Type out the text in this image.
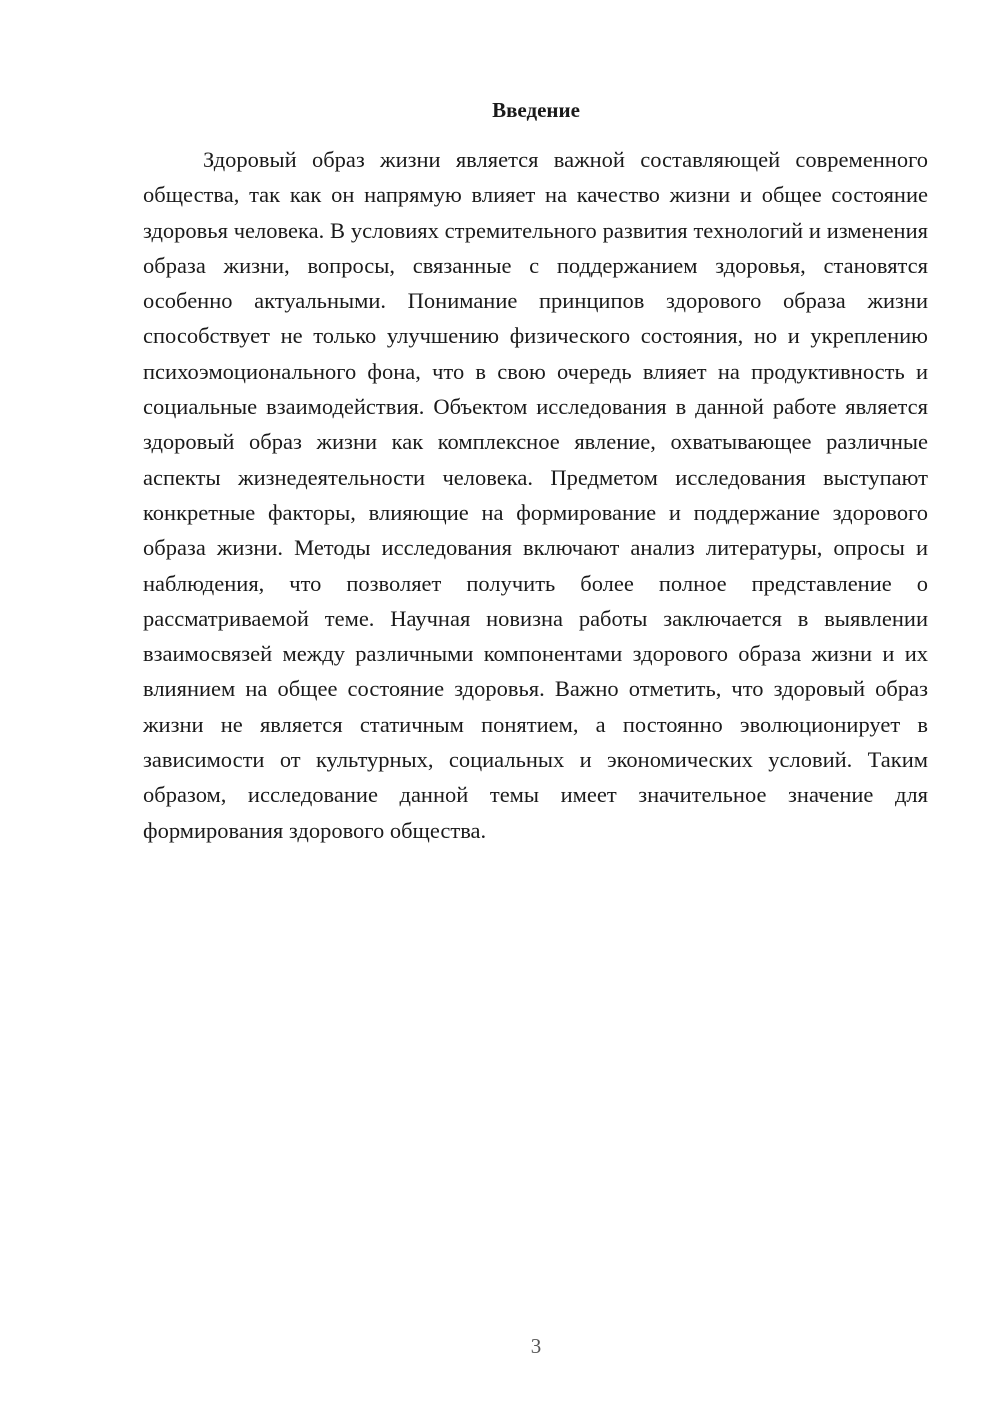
Введение

Здоровый образ жизни является важной составляющей современного общества, так как он напрямую влияет на качество жизни и общее состояние здоровья человека. В условиях стремительного развития технологий и изменения образа жизни, вопросы, связанные с поддержанием здоровья, становятся особенно актуальными. Понимание принципов здорового образа жизни способствует не только улучшению физического состояния, но и укреплению психоэмоционального фона, что в свою очередь влияет на продуктивность и социальные взаимодействия. Объектом исследования в данной работе является здоровый образ жизни как комплексное явление, охватывающее различные аспекты жизнедеятельности человека. Предметом исследования выступают конкретные факторы, влияющие на формирование и поддержание здорового образа жизни. Методы исследования включают анализ литературы, опросы и наблюдения, что позволяет получить более полное представление о рассматриваемой теме. Научная новизна работы заключается в выявлении взаимосвязей между различными компонентами здорового образа жизни и их влиянием на общее состояние здоровья. Важно отметить, что здоровый образ жизни не является статичным понятием, а постоянно эволюционирует в зависимости от культурных, социальных и экономических условий. Таким образом, исследование данной темы имеет значительное значение для формирования здорового общества.

3
